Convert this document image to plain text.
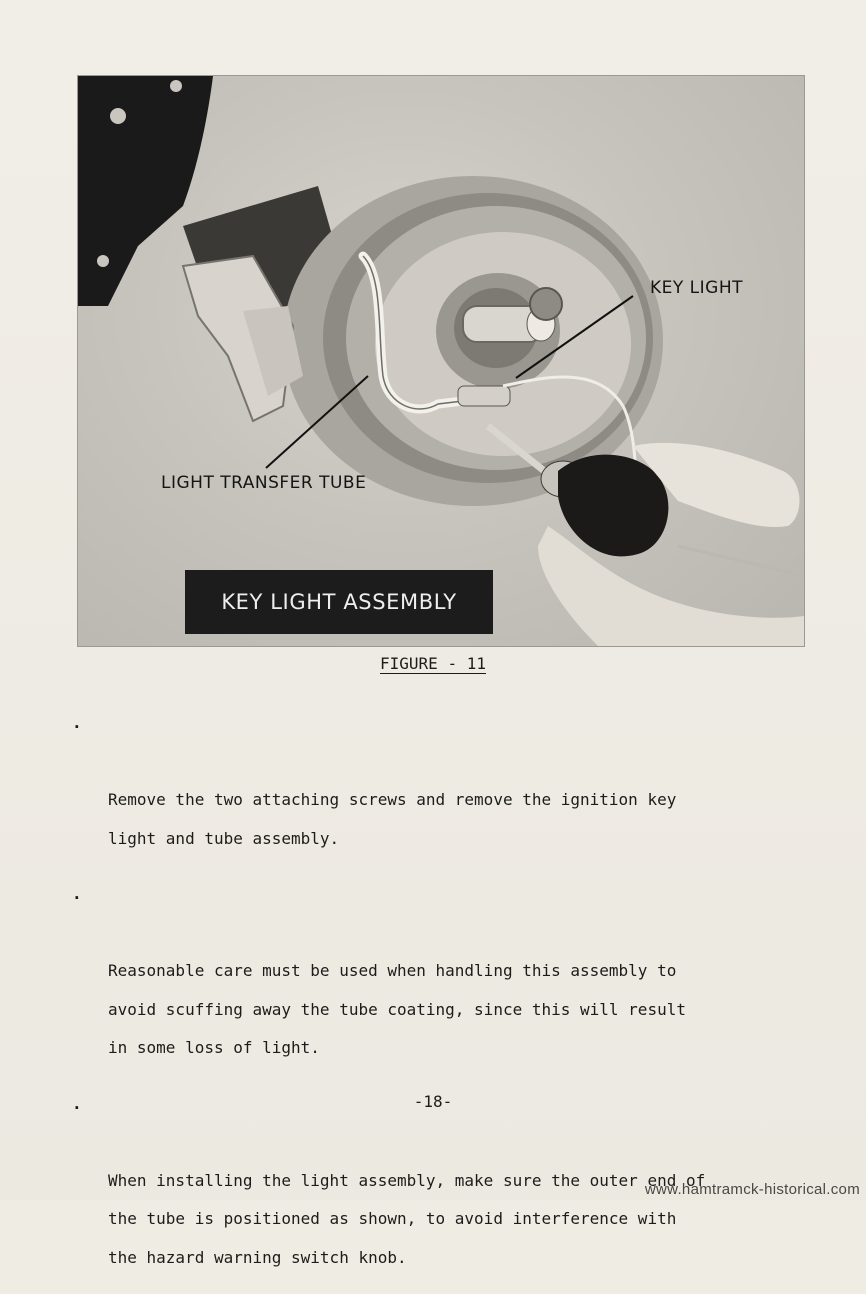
KEY LIGHT
LIGHT TRANSFER TUBE
KEY LIGHT ASSEMBLY
FIGURE - 11

.

Remove the two attaching screws and remove the ignition key
light and tube assembly.

.

Reasonable care must be used when handling this assembly to
avoid scuffing away the tube coating, since this will result
in some loss of light.

.

When installing the light assembly, make sure the outer end of
the tube is positioned as shown, to avoid interference with
the hazard warning switch knob.

-18-
www.hamtramck-historical.com
